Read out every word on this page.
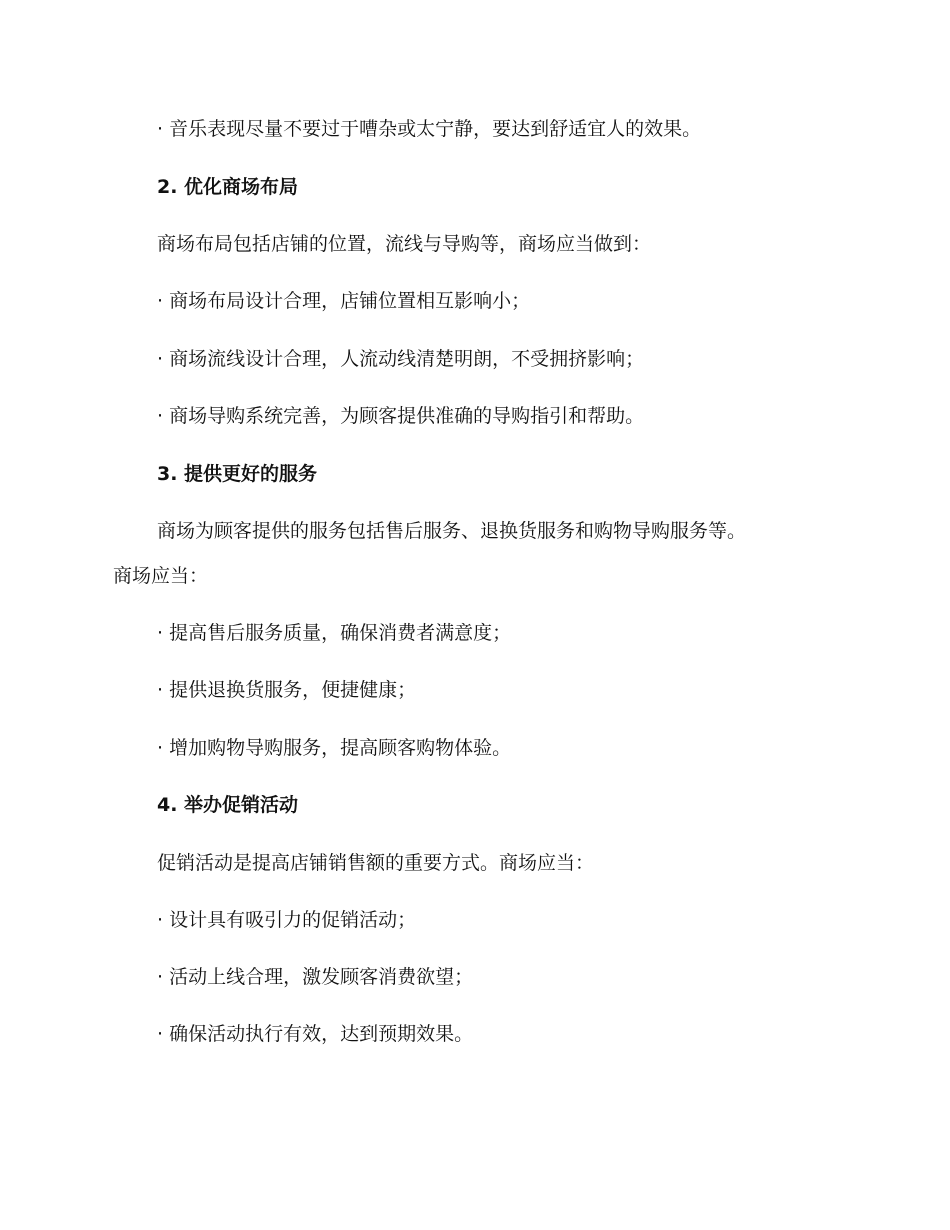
· 音乐表现尽量不要过于嘈杂或太宁静，要达到舒适宜人的效果。
2. 优化商场布局
商场布局包括店铺的位置，流线与导购等，商场应当做到：
· 商场布局设计合理，店铺位置相互影响小；
· 商场流线设计合理，人流动线清楚明朗，不受拥挤影响；
· 商场导购系统完善，为顾客提供准确的导购指引和帮助。
3. 提供更好的服务
商场为顾客提供的服务包括售后服务、退换货服务和购物导购服务等。
商场应当：
· 提高售后服务质量，确保消费者满意度；
· 提供退换货服务，便捷健康；
· 增加购物导购服务，提高顾客购物体验。
4. 举办促销活动
促销活动是提高店铺销售额的重要方式。商场应当：
· 设计具有吸引力的促销活动；
· 活动上线合理，激发顾客消费欲望；
· 确保活动执行有效，达到预期效果。
